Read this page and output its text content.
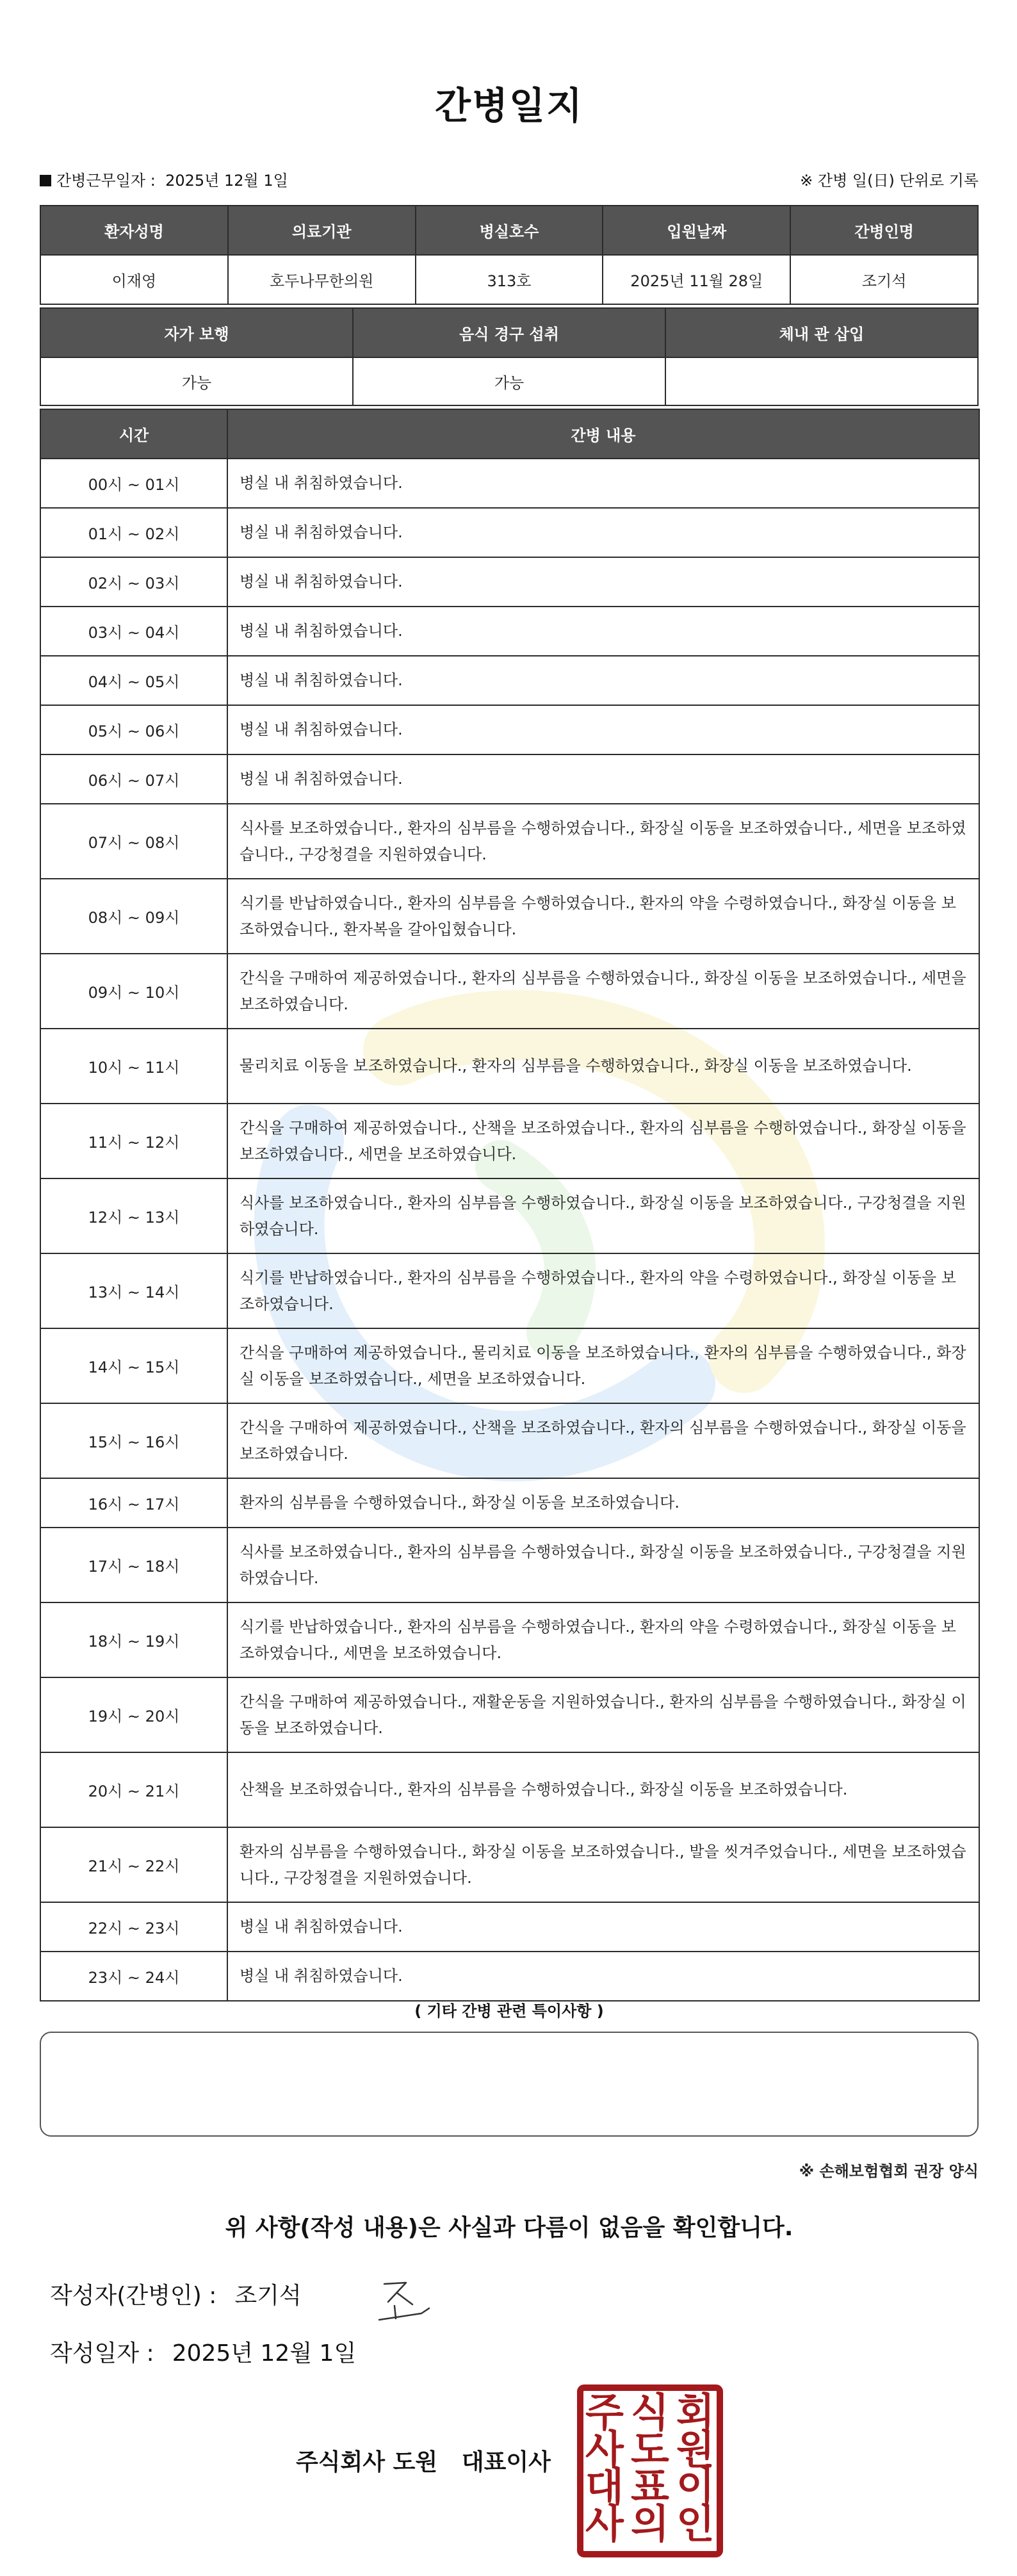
간병일지
간병근무일자 : 2025년 12월 1일	※ 간병 일(日) 단위로 기록
환자성명	의료기관	병실호수	입원날짜	간병인명
이재영	호두나무한의원	313호	2025년 11월 28일	조기석
자가 보행	음식 경구 섭취	체내 관 삽입
가능	가능	
시간	간병 내용
00시 ~ 01시	병실 내 취침하였습니다.
01시 ~ 02시	병실 내 취침하였습니다.
02시 ~ 03시	병실 내 취침하였습니다.
03시 ~ 04시	병실 내 취침하였습니다.
04시 ~ 05시	병실 내 취침하였습니다.
05시 ~ 06시	병실 내 취침하였습니다.
06시 ~ 07시	병실 내 취침하였습니다.
07시 ~ 08시	식사를 보조하였습니다., 환자의 심부름을 수행하였습니다., 화장실 이동을 보조하였습니다., 세면을 보조하였습니다., 구강청결을 지원하였습니다.
08시 ~ 09시	식기를 반납하였습니다., 환자의 심부름을 수행하였습니다., 환자의 약을 수령하였습니다., 화장실 이동을 보조하였습니다., 환자복을 갈아입혔습니다.
09시 ~ 10시	간식을 구매하여 제공하였습니다., 환자의 심부름을 수행하였습니다., 화장실 이동을 보조하였습니다., 세면을 보조하였습니다.
10시 ~ 11시	물리치료 이동을 보조하였습니다., 환자의 심부름을 수행하였습니다., 화장실 이동을 보조하였습니다.
11시 ~ 12시	간식을 구매하여 제공하였습니다., 산책을 보조하였습니다., 환자의 심부름을 수행하였습니다., 화장실 이동을 보조하였습니다., 세면을 보조하였습니다.
12시 ~ 13시	식사를 보조하였습니다., 환자의 심부름을 수행하였습니다., 화장실 이동을 보조하였습니다., 구강청결을 지원하였습니다.
13시 ~ 14시	식기를 반납하였습니다., 환자의 심부름을 수행하였습니다., 환자의 약을 수령하였습니다., 화장실 이동을 보조하였습니다.
14시 ~ 15시	간식을 구매하여 제공하였습니다., 물리치료 이동을 보조하였습니다., 환자의 심부름을 수행하였습니다., 화장실 이동을 보조하였습니다., 세면을 보조하였습니다.
15시 ~ 16시	간식을 구매하여 제공하였습니다., 산책을 보조하였습니다., 환자의 심부름을 수행하였습니다., 화장실 이동을 보조하였습니다.
16시 ~ 17시	환자의 심부름을 수행하였습니다., 화장실 이동을 보조하였습니다.
17시 ~ 18시	식사를 보조하였습니다., 환자의 심부름을 수행하였습니다., 화장실 이동을 보조하였습니다., 구강청결을 지원하였습니다.
18시 ~ 19시	식기를 반납하였습니다., 환자의 심부름을 수행하였습니다., 환자의 약을 수령하였습니다., 화장실 이동을 보조하였습니다., 세면을 보조하였습니다.
19시 ~ 20시	간식을 구매하여 제공하였습니다., 재활운동을 지원하였습니다., 환자의 심부름을 수행하였습니다., 화장실 이동을 보조하였습니다.
20시 ~ 21시	산책을 보조하였습니다., 환자의 심부름을 수행하였습니다., 화장실 이동을 보조하였습니다.
21시 ~ 22시	환자의 심부름을 수행하였습니다., 화장실 이동을 보조하였습니다., 발을 씻겨주었습니다., 세면을 보조하였습니다., 구강청결을 지원하였습니다.
22시 ~ 23시	병실 내 취침하였습니다.
23시 ~ 24시	병실 내 취침하였습니다.
( 기타 간병 관련 특이사항 )
※ 손해보험협회 권장 양식
위 사항(작성 내용)은 사실과 다름이 없음을 확인합니다.
작성자(간병인) : 조기석
작성일자 : 2025년 12월 1일
주식회사 도원 대표이사
주 식 회
사 도 원
대 표 이
사 의 인
